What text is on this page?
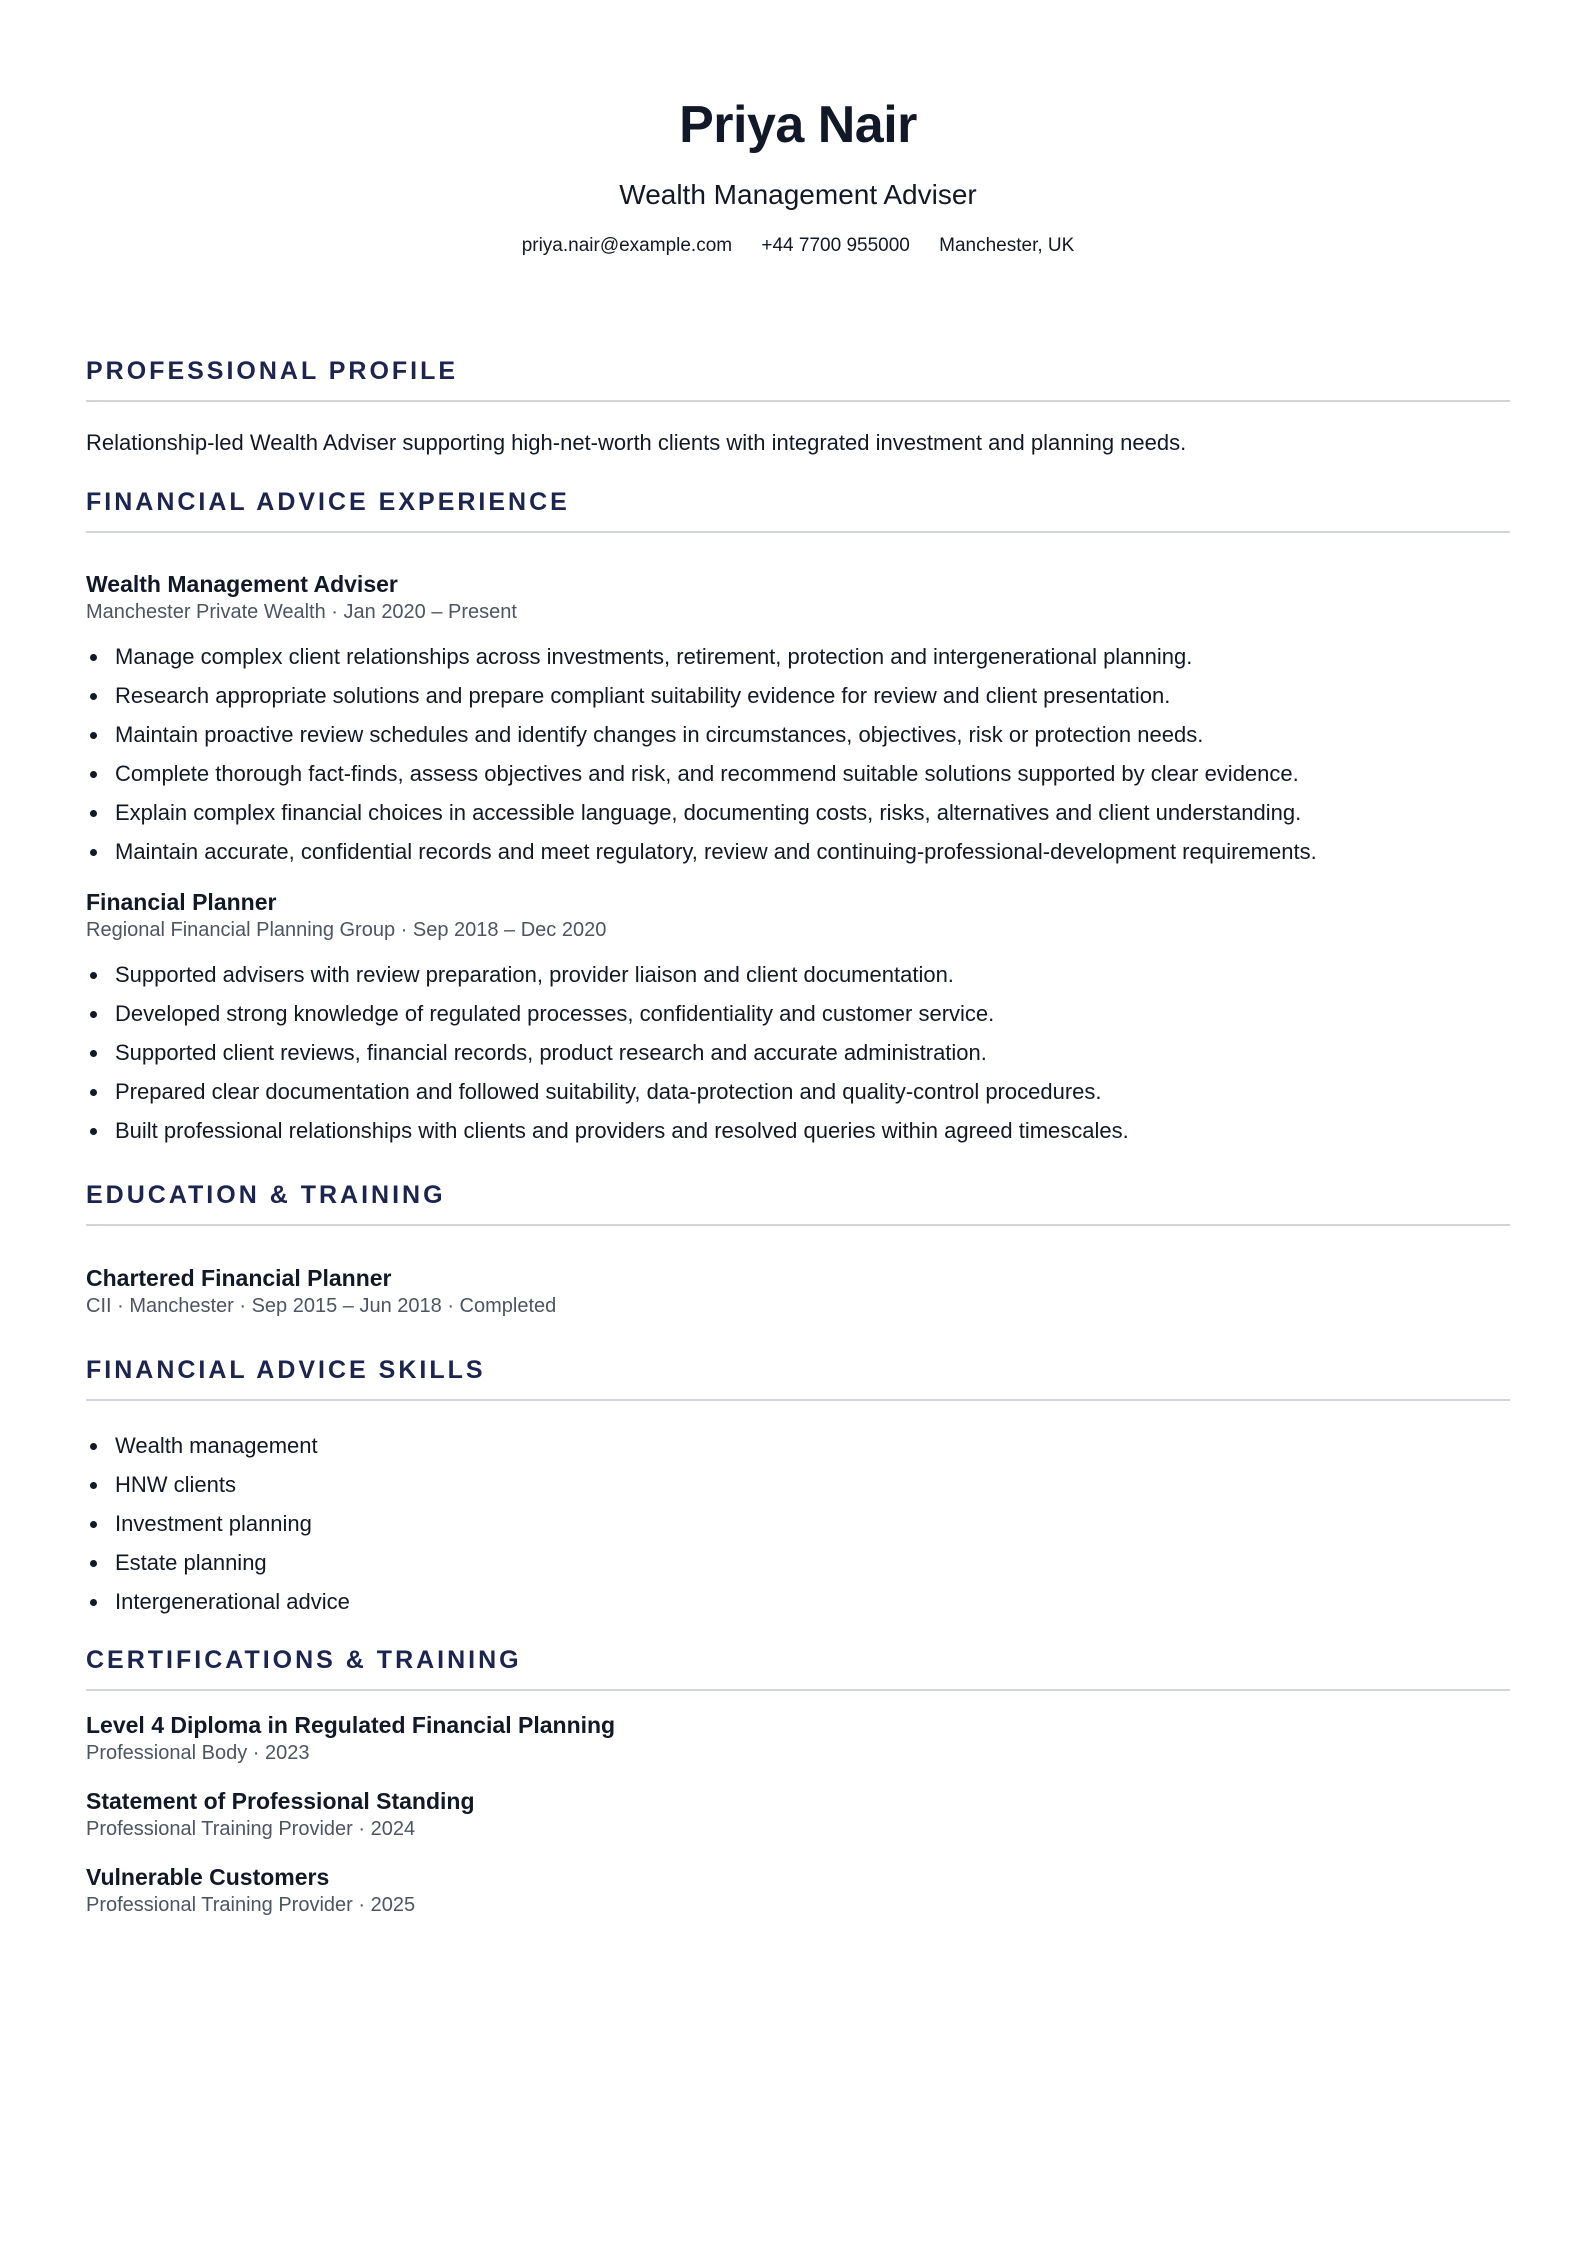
Priya Nair
Wealth Management Adviser
priya.nair@example.com +44 7700 955000 Manchester, UK
PROFESSIONAL PROFILE
Relationship-led Wealth Adviser supporting high-net-worth clients with integrated investment and planning needs.
FINANCIAL ADVICE EXPERIENCE
Wealth Management Adviser
Manchester Private Wealth · Jan 2020 – Present
Manage complex client relationships across investments, retirement, protection and intergenerational planning.
Research appropriate solutions and prepare compliant suitability evidence for review and client presentation.
Maintain proactive review schedules and identify changes in circumstances, objectives, risk or protection needs.
Complete thorough fact-finds, assess objectives and risk, and recommend suitable solutions supported by clear evidence.
Explain complex financial choices in accessible language, documenting costs, risks, alternatives and client understanding.
Maintain accurate, confidential records and meet regulatory, review and continuing-professional-development requirements.
Financial Planner
Regional Financial Planning Group · Sep 2018 – Dec 2020
Supported advisers with review preparation, provider liaison and client documentation.
Developed strong knowledge of regulated processes, confidentiality and customer service.
Supported client reviews, financial records, product research and accurate administration.
Prepared clear documentation and followed suitability, data-protection and quality-control procedures.
Built professional relationships with clients and providers and resolved queries within agreed timescales.
EDUCATION & TRAINING
Chartered Financial Planner
CII · Manchester · Sep 2015 – Jun 2018 · Completed
FINANCIAL ADVICE SKILLS
Wealth management
HNW clients
Investment planning
Estate planning
Intergenerational advice
CERTIFICATIONS & TRAINING
Level 4 Diploma in Regulated Financial Planning
Professional Body · 2023
Statement of Professional Standing
Professional Training Provider · 2024
Vulnerable Customers
Professional Training Provider · 2025
